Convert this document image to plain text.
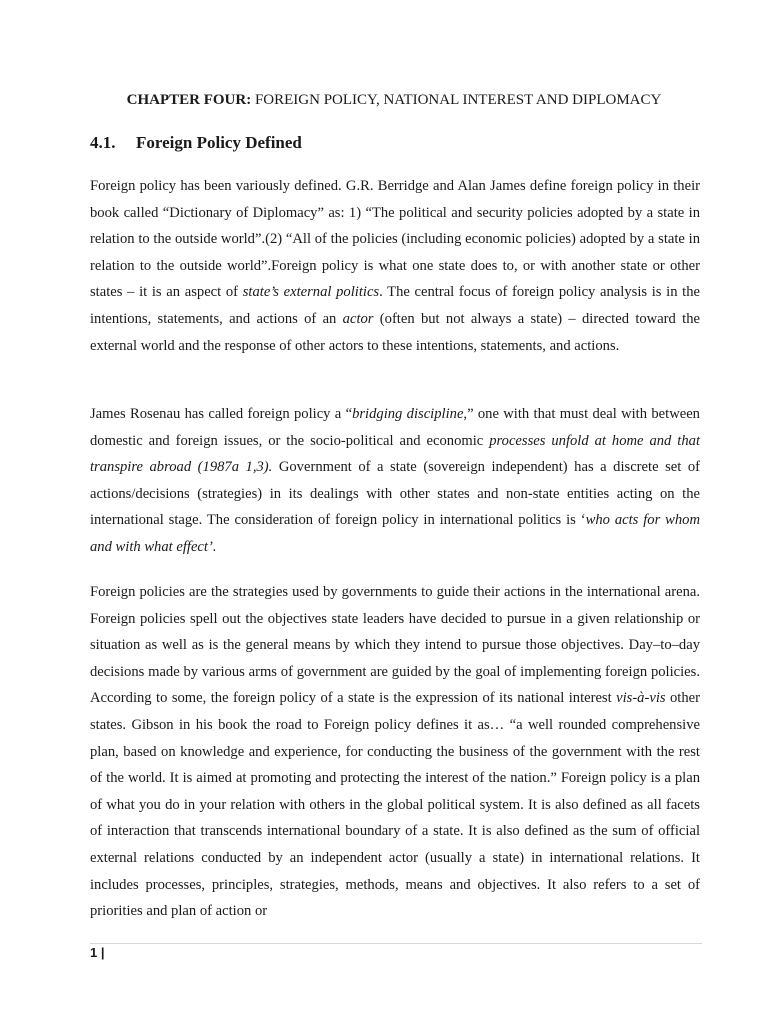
CHAPTER FOUR: FOREIGN POLICY, NATIONAL INTEREST AND DIPLOMACY
4.1. Foreign Policy Defined

Foreign policy has been variously defined. G.R. Berridge and Alan James define foreign policy in their book called “Dictionary of Diplomacy” as: 1) “The political and security policies adopted by a state in relation to the outside world”.(2) “All of the policies (including economic policies) adopted by a state in relation to the outside world”.Foreign policy is what one state does to, or with another state or other states – it is an aspect of state’s external politics. The central focus of foreign policy analysis is in the intentions, statements, and actions of an actor (often but not always a state) – directed toward the external world and the response of other actors to these intentions, statements, and actions.

James Rosenau has called foreign policy a “bridging discipline,” one with that must deal with between domestic and foreign issues, or the socio-political and economic processes unfold at home and that transpire abroad (1987a 1,3). Government of a state (sovereign independent) has a discrete set of actions/decisions (strategies) in its dealings with other states and non-state entities acting on the international stage. The consideration of foreign policy in international politics is ‘who acts for whom and with what effect’.

Foreign policies are the strategies used by governments to guide their actions in the international arena. Foreign policies spell out the objectives state leaders have decided to pursue in a given relationship or situation as well as is the general means by which they intend to pursue those objectives. Day–to–day decisions made by various arms of government are guided by the goal of implementing foreign policies. According to some, the foreign policy of a state is the expression of its national interest vis-à-vis other states. Gibson in his book the road to Foreign policy defines it as… “a well rounded comprehensive plan, based on knowledge and experience, for conducting the business of the government with the rest of the world. It is aimed at promoting and protecting the interest of the nation.” Foreign policy is a plan of what you do in your relation with others in the global political system. It is also defined as all facets of interaction that transcends international boundary of a state. It is also defined as the sum of official external relations conducted by an independent actor (usually a state) in international relations. It includes processes, principles, strategies, methods, means and objectives. It also refers to a set of priorities and plan of action or

1 |
